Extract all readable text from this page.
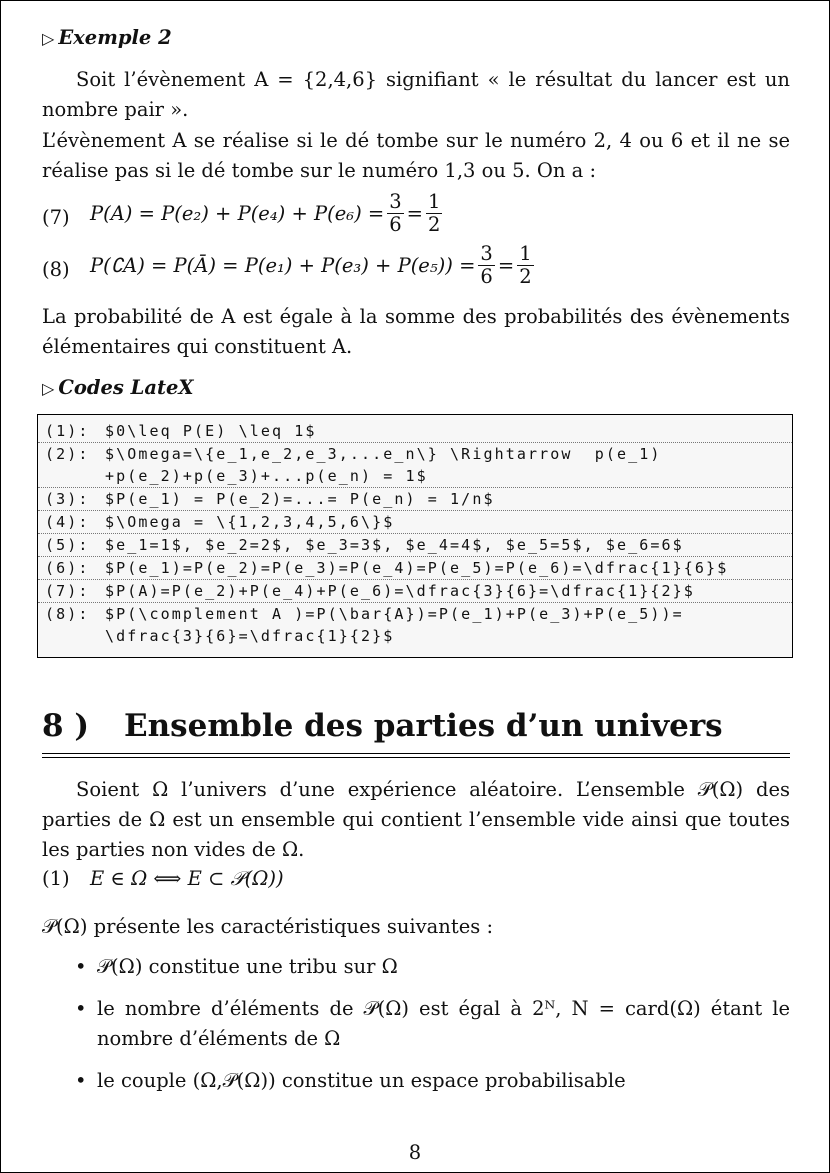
▷ Exemple 2
Soit l’évènement A = {2,4,6} signifiant « le résultat du lancer est un nombre pair ».
L’évènement A se réalise si le dé tombe sur le numéro 2, 4 ou 6 et il ne se réalise pas si le dé tombe sur le numéro 1,3 ou 5. On a :
(7) $P(A) = P(e_2) + P(e_4) + P(e_6) = \frac{3}{6} = \frac{1}{2}$
(8) P(∁A) = P(Ā) = $P(e_1) + P(e_3) + P(e_5)) = \frac{3}{6} = \frac{1}{2}$
La probabilité de A est égale à la somme des probabilités des évènements élémentaires qui constituent A.
▷ Codes LateX
(1):	$0\leq P(E) \leq 1$
(2):	$\Omega=\{e_1,e_2,e_3,...e_n\} \Rightarrow  p(e_1)
+p(e_2)+p(e_3)+...p(e_n) = 1$
(3):	$P(e_1) = P(e_2)=...= P(e_n) = 1/n$
(4):	$\Omega = \{1,2,3,4,5,6\}$
(5):	$e_1=1$, $e_2=2$, $e_3=3$, $e_4=4$, $e_5=5$, $e_6=6$
(6):	$P(e_1)=P(e_2)=P(e_3)=P(e_4)=P(e_5)=P(e_6)=\dfrac{1}{6}$
(7):	$P(A)=P(e_2)+P(e_4)+P(e_6)=\dfrac{3}{6}=\dfrac{1}{2}$
(8):	$P(\complement A )=P(\bar{A})=P(e_1)+P(e_3)+P(e_5))=
\dfrac{3}{6}=\dfrac{1}{2}$
8 ) Ensemble des parties d’un univers
Soient Ω l’univers d’une expérience aléatoire. L’ensemble 𝒫(Ω) des parties de Ω est un ensemble qui contient l’ensemble vide ainsi que toutes les parties non vides de Ω.
(1) E ∈ Ω ⟺ E ⊂ 𝒫(Ω))
𝒫(Ω) présente les caractéristiques suivantes :
• 𝒫(Ω) constitue une tribu sur Ω
• le nombre d’éléments de 𝒫(Ω) est égal à 2ᴺ, N = card(Ω) étant le nombre d’éléments de Ω
• le couple (Ω,𝒫(Ω)) constitue un espace probabilisable
8
